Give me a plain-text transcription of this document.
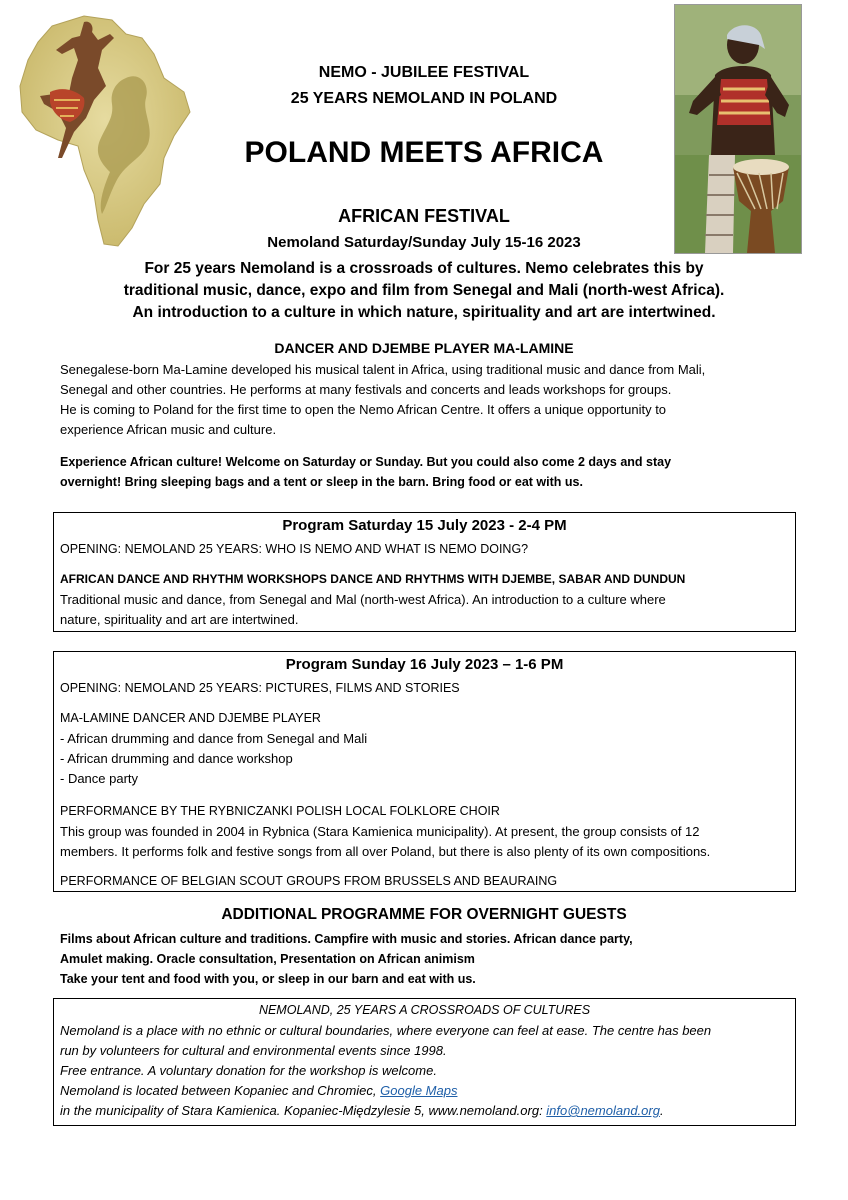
NEMO - JUBILEE FESTIVAL
25 YEARS NEMOLAND IN POLAND
POLAND MEETS AFRICA
AFRICAN FESTIVAL
Nemoland Saturday/Sunday July 15-16 2023
For 25 years Nemoland is a crossroads of cultures. Nemo celebrates this by
traditional music, dance, expo and film from Senegal and Mali (north-west Africa).
An introduction to a culture in which nature, spirituality and art are intertwined.
DANCER AND DJEMBE PLAYER MA-LAMINE
Senegalese-born Ma-Lamine developed his musical talent in Africa, using traditional music and dance from Mali,
Senegal and other countries. He performs at many festivals and concerts and leads workshops for groups.
He is coming to Poland for the first time to open the Nemo African Centre. It offers a unique opportunity to
experience African music and culture.
Experience African culture! Welcome on Saturday or Sunday. But you could also come 2 days and stay
overnight! Bring sleeping bags and a tent or sleep in the barn. Bring food or eat with us.
Program Saturday 15 July 2023 - 2-4 PM
OPENING: NEMOLAND 25 YEARS: WHO IS NEMO AND WHAT IS NEMO DOING?
AFRICAN DANCE AND RHYTHM WORKSHOPS DANCE AND RHYTHMS WITH DJEMBE, SABAR AND DUNDUN
Traditional music and dance, from Senegal and Mal (north-west Africa). An introduction to a culture where
nature, spirituality and art are intertwined.
Program Sunday 16 July 2023 – 1-6 PM
OPENING: NEMOLAND 25 YEARS: PICTURES, FILMS AND STORIES
MA-LAMINE DANCER AND DJEMBE PLAYER
- African drumming and dance from Senegal and Mali
- African drumming and dance workshop
- Dance party
PERFORMANCE BY THE RYBNICZANKI POLISH LOCAL FOLKLORE CHOIR
This group was founded in 2004 in Rybnica (Stara Kamienica municipality). At present, the group consists of 12
members. It performs folk and festive songs from all over Poland, but there is also plenty of its own compositions.
PERFORMANCE OF BELGIAN SCOUT GROUPS FROM BRUSSELS AND BEAURAING
ADDITIONAL PROGRAMME FOR OVERNIGHT GUESTS
Films about African culture and traditions. Campfire with music and stories. African dance party,
Amulet making. Oracle consultation, Presentation on African animism
Take your tent and food with you, or sleep in our barn and eat with us.
NEMOLAND, 25 YEARS A CROSSROADS OF CULTURES
Nemoland is a place with no ethnic or cultural boundaries, where everyone can feel at ease. The centre has been
run by volunteers for cultural and environmental events since 1998.
Free entrance. A voluntary donation for the workshop is welcome.
Nemoland is located between Kopaniec and Chromiec, Google Maps
in the municipality of Stara Kamienica. Kopaniec-Międzylesie 5, www.nemoland.org: info@nemoland.org.
